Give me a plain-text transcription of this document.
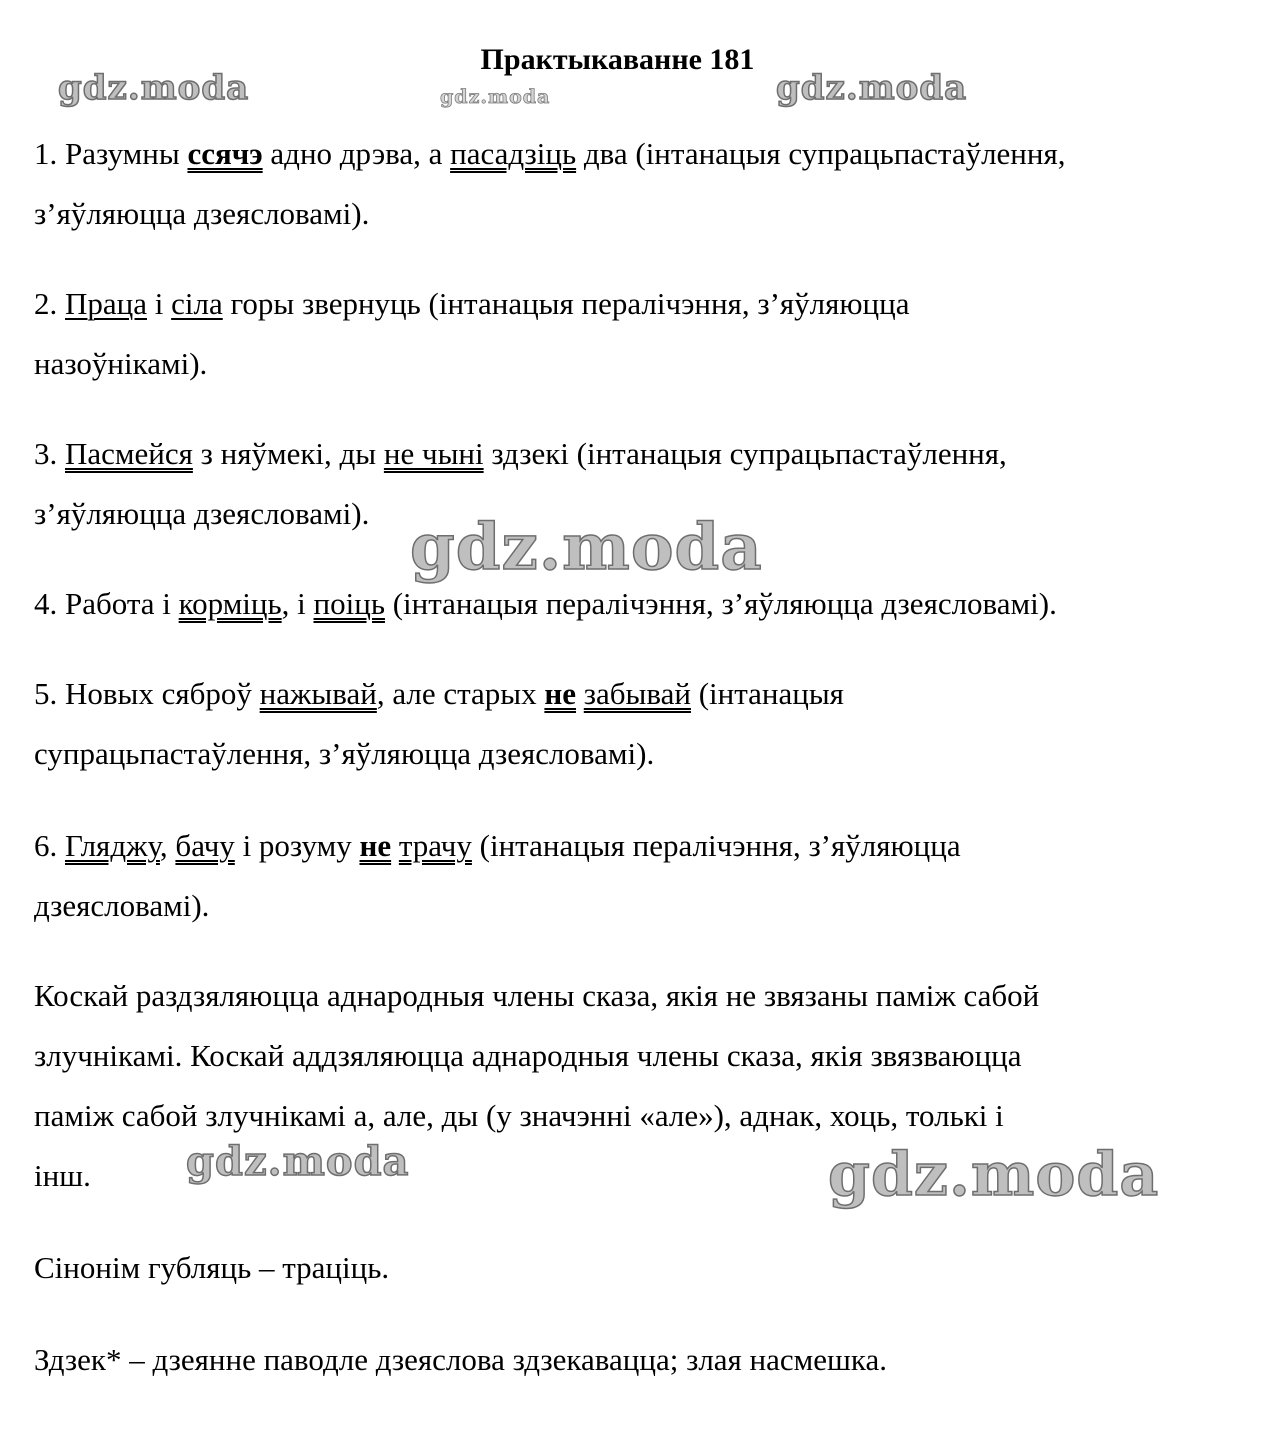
gdz.moda	gdz.moda	gdz.moda
gdz.moda
gdz.moda	gdz.moda
Практыкаванне 181
1. Разумны ссячэ адно дрэва, а пасадзіць два (інтанацыя супрацьпастаўлення,
з’яўляюцца дзеясловамі).
2. Праца і сіла горы звернуць (інтанацыя пералічэння, з’яўляюцца
назоўнікамі).
3. Пасмейся з няўмекі, ды не чыні здзекі (інтанацыя супрацьпастаўлення,
з’яўляюцца дзеясловамі).
4. Работа і корміць, і поіць (інтанацыя пералічэння, з’яўляюцца дзеясловамі).
5. Новых сяброў нажывай, але старых не забывай (інтанацыя
супрацьпастаўлення, з’яўляюцца дзеясловамі).
6. Гляджу, бачу і розуму не трачу (інтанацыя пералічэння, з’яўляюцца
дзеясловамі).
Коскай раздзяляюцца аднародныя члены сказа, якія не звязаны паміж сабой
злучнікамі. Коскай аддзяляюцца аднародныя члены сказа, якія звязваюцца
паміж сабой злучнікамі а, але, ды (у значэнні «але»), аднак, хоць, толькі і
інш.
Сінонім губляць – траціць.
Здзек* – дзеянне паводле дзеяслова здзекавацца; злая насмешка.
